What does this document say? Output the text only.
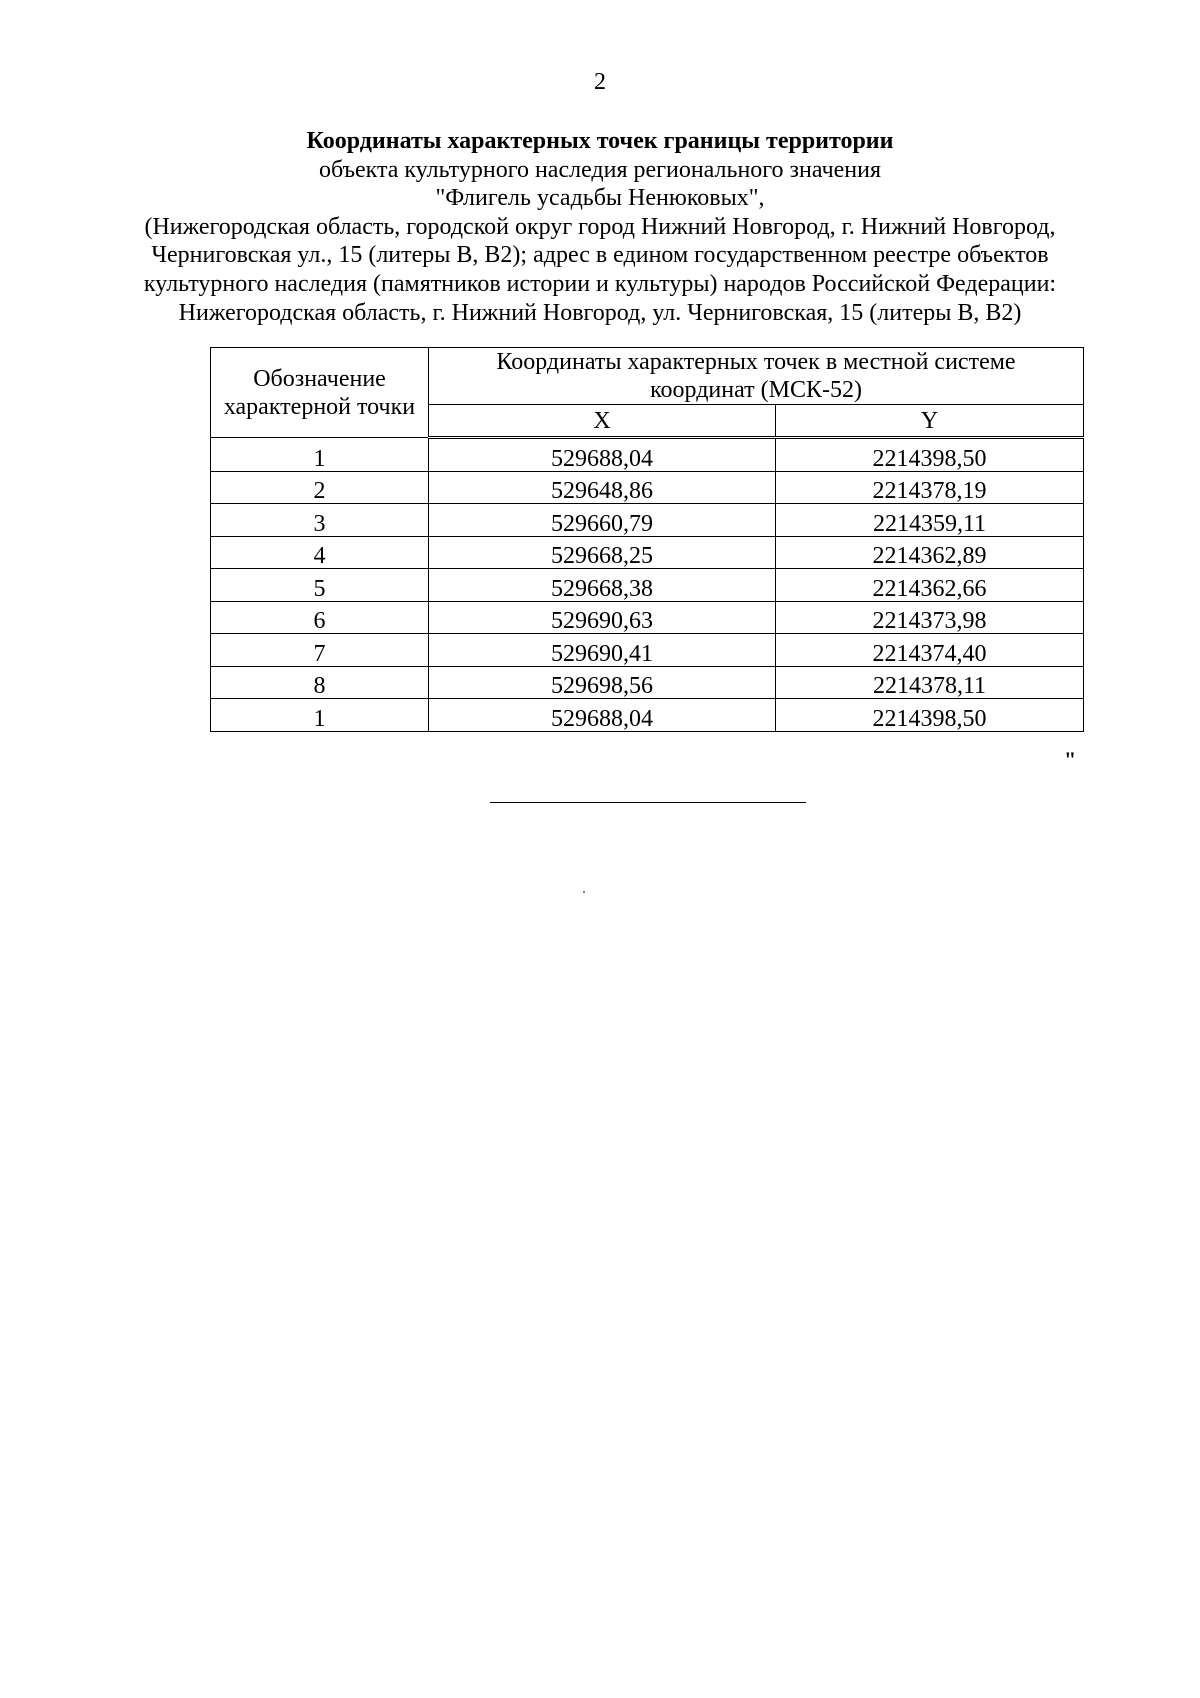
2
Координаты характерных точек границы территории
объекта культурного наследия регионального значения
"Флигель усадьбы Ненюковых",
(Нижегородская область, городской округ город Нижний Новгород, г. Нижний Новгород,
Черниговская ул., 15 (литеры В, В2); адрес в едином государственном реестре объектов
культурного наследия (памятников истории и культуры) народов Российской Федерации:
Нижегородская область, г. Нижний Новгород, ул. Черниговская, 15 (литеры В, В2)
Обозначение
характерной точки	Координаты характерных точек в местной системе
координат (МСК-52)	
	X	Y
1	529688,04	2214398,50
2	529648,86	2214378,19
3	529660,79	2214359,11
4	529668,25	2214362,89
5	529668,38	2214362,66
6	529690,63	2214373,98
7	529690,41	2214374,40
8	529698,56	2214378,11
1	529688,04	2214398,50
"
